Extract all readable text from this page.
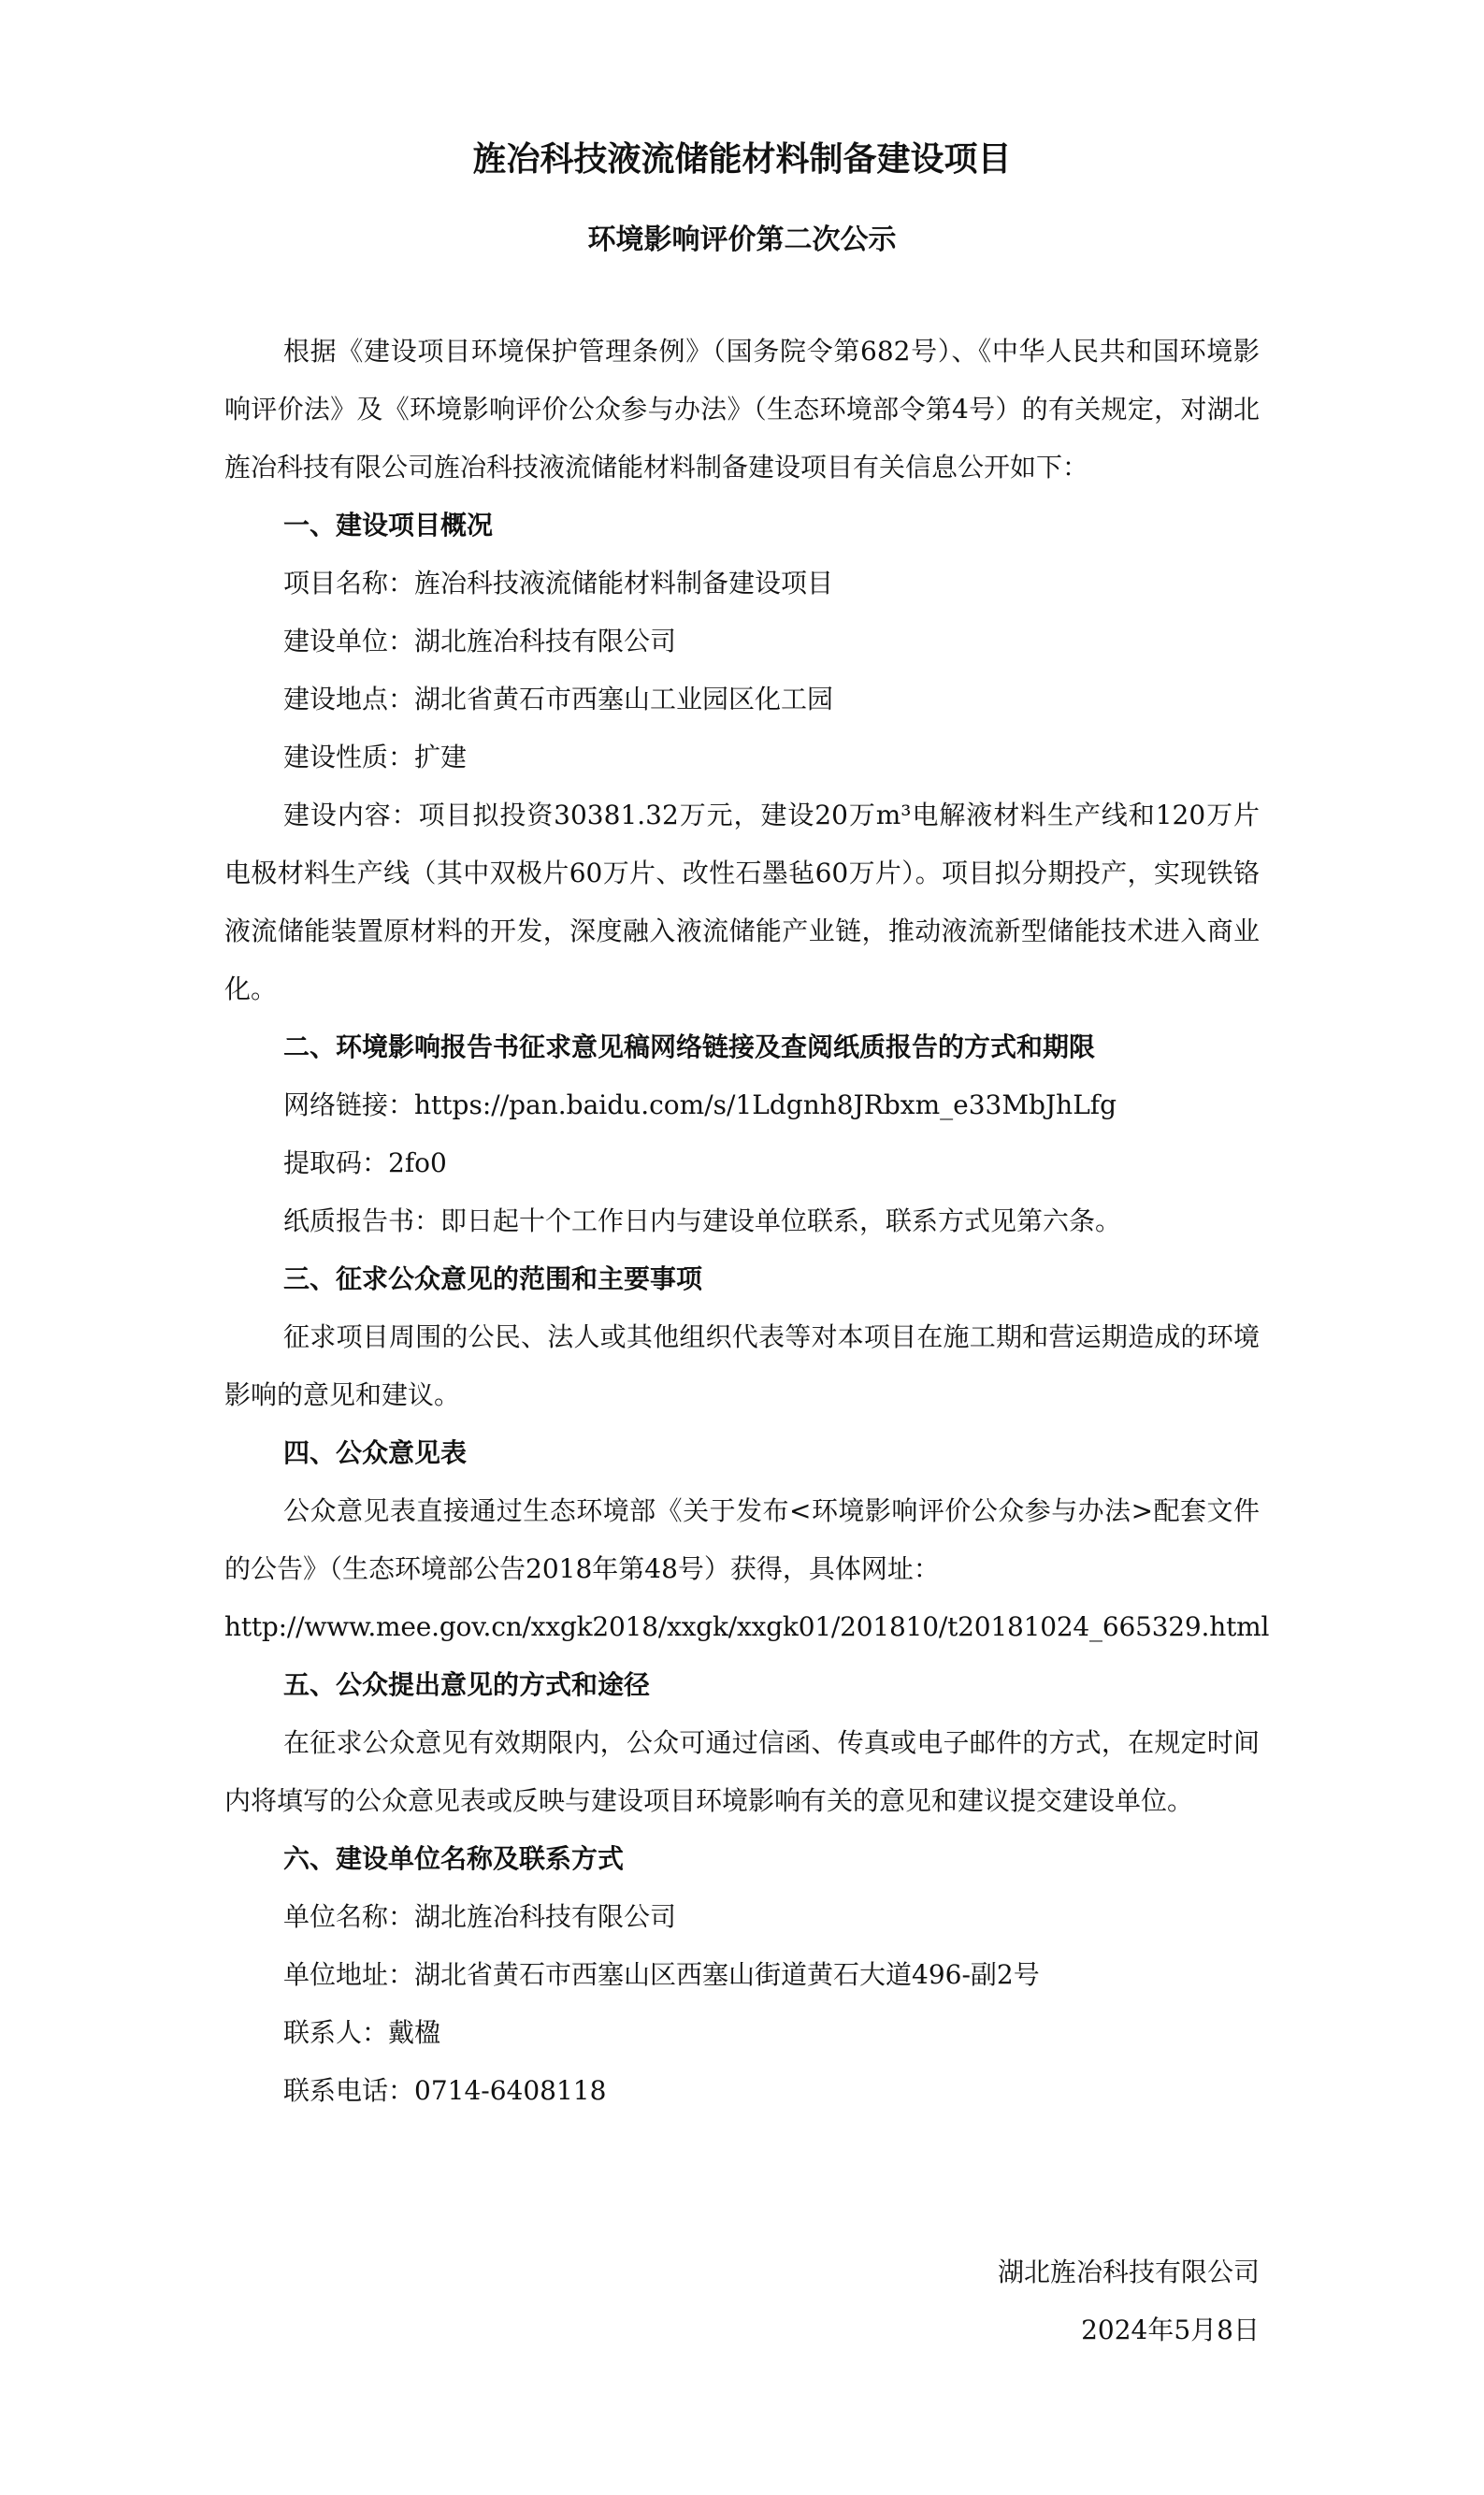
旌冶科技液流储能材料制备建设项目
环境影响评价第二次公示

根据《建设项目环境保护管理条例》（国务院令第682号）、《中华人民共和国环境影响评价法》及《环境影响评价公众参与办法》（生态环境部令第4号）的有关规定，对湖北旌冶科技有限公司旌冶科技液流储能材料制备建设项目有关信息公开如下：

一、建设项目概况

项目名称：旌冶科技液流储能材料制备建设项目

建设单位：湖北旌冶科技有限公司

建设地点：湖北省黄石市西塞山工业园区化工园

建设性质：扩建

建设内容：项目拟投资30381.32万元，建设20万m³电解液材料生产线和120万片电极材料生产线（其中双极片60万片、改性石墨毡60万片）。项目拟分期投产，实现铁铬液流储能装置原材料的开发，深度融入液流储能产业链，推动液流新型储能技术进入商业化。

二、环境影响报告书征求意见稿网络链接及查阅纸质报告的方式和期限

网络链接：https://pan.baidu.com/s/1Ldgnh8JRbxm_e33MbJhLfg

提取码：2fo0

纸质报告书：即日起十个工作日内与建设单位联系，联系方式见第六条。

三、征求公众意见的范围和主要事项

征求项目周围的公民、法人或其他组织代表等对本项目在施工期和营运期造成的环境影响的意见和建议。

四、公众意见表

公众意见表直接通过生态环境部《关于发布<环境影响评价公众参与办法>配套文件的公告》（生态环境部公告2018年第48号）获得，具体网址：

http://www.mee.gov.cn/xxgk2018/xxgk/xxgk01/201810/t20181024_665329.html

五、公众提出意见的方式和途径

在征求公众意见有效期限内，公众可通过信函、传真或电子邮件的方式，在规定时间内将填写的公众意见表或反映与建设项目环境影响有关的意见和建议提交建设单位。

六、建设单位名称及联系方式

单位名称：湖北旌冶科技有限公司

单位地址：湖北省黄石市西塞山区西塞山街道黄石大道496-副2号

联系人：戴楹

联系电话：0714-6408118

湖北旌冶科技有限公司
2024年5月8日
